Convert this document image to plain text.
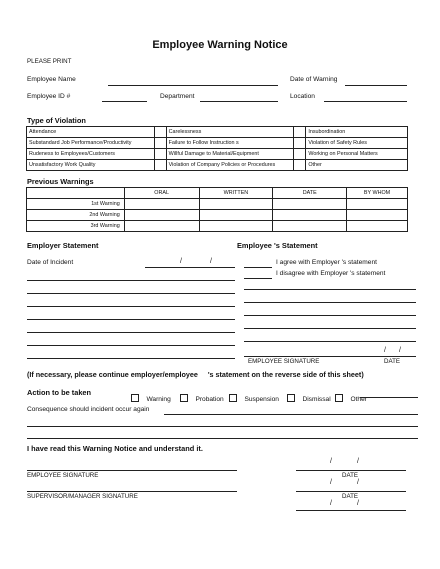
Employee Warning Notice
PLEASE PRINT
Employee Name	Date of Warning
Employee ID #	Department	Location
Type of Violation
Attendance		Carelessness		Insubordination
Substandard Job Performance/Productivity		Failure to Follow Instruction s		Violation of Safety Rules
Rudeness to Employees/Customers		Willful Damage to Material/Equipment		Working on Personal Matters
Unsatisfactory Work Quality		Violation of Company Policies or Procedures		Other
Previous Warnings
	ORAL	WRITTEN	DATE	BY WHOM
1st Warning				
2nd Warning				
3rd Warning				
Employer Statement
Date of Incident	/	/
Employee 's Statement
I agree with Employer 's statement
I disagree with Employer 's statement
/ /
EMPLOYEE SIGNATURE	DATE
(If necessary, please continue employer/employee     's statement on the reverse side of this sheet)
Action to be taken
Warning	Probation	Suspension	Dismissal	Other
Consequence should incident occur again
I have read this Warning Notice and understand it.
EMPLOYEE SIGNATURE
/	/
DATE
SUPERVISOR/MANAGER SIGNATURE
/	/
DATE
/	/
